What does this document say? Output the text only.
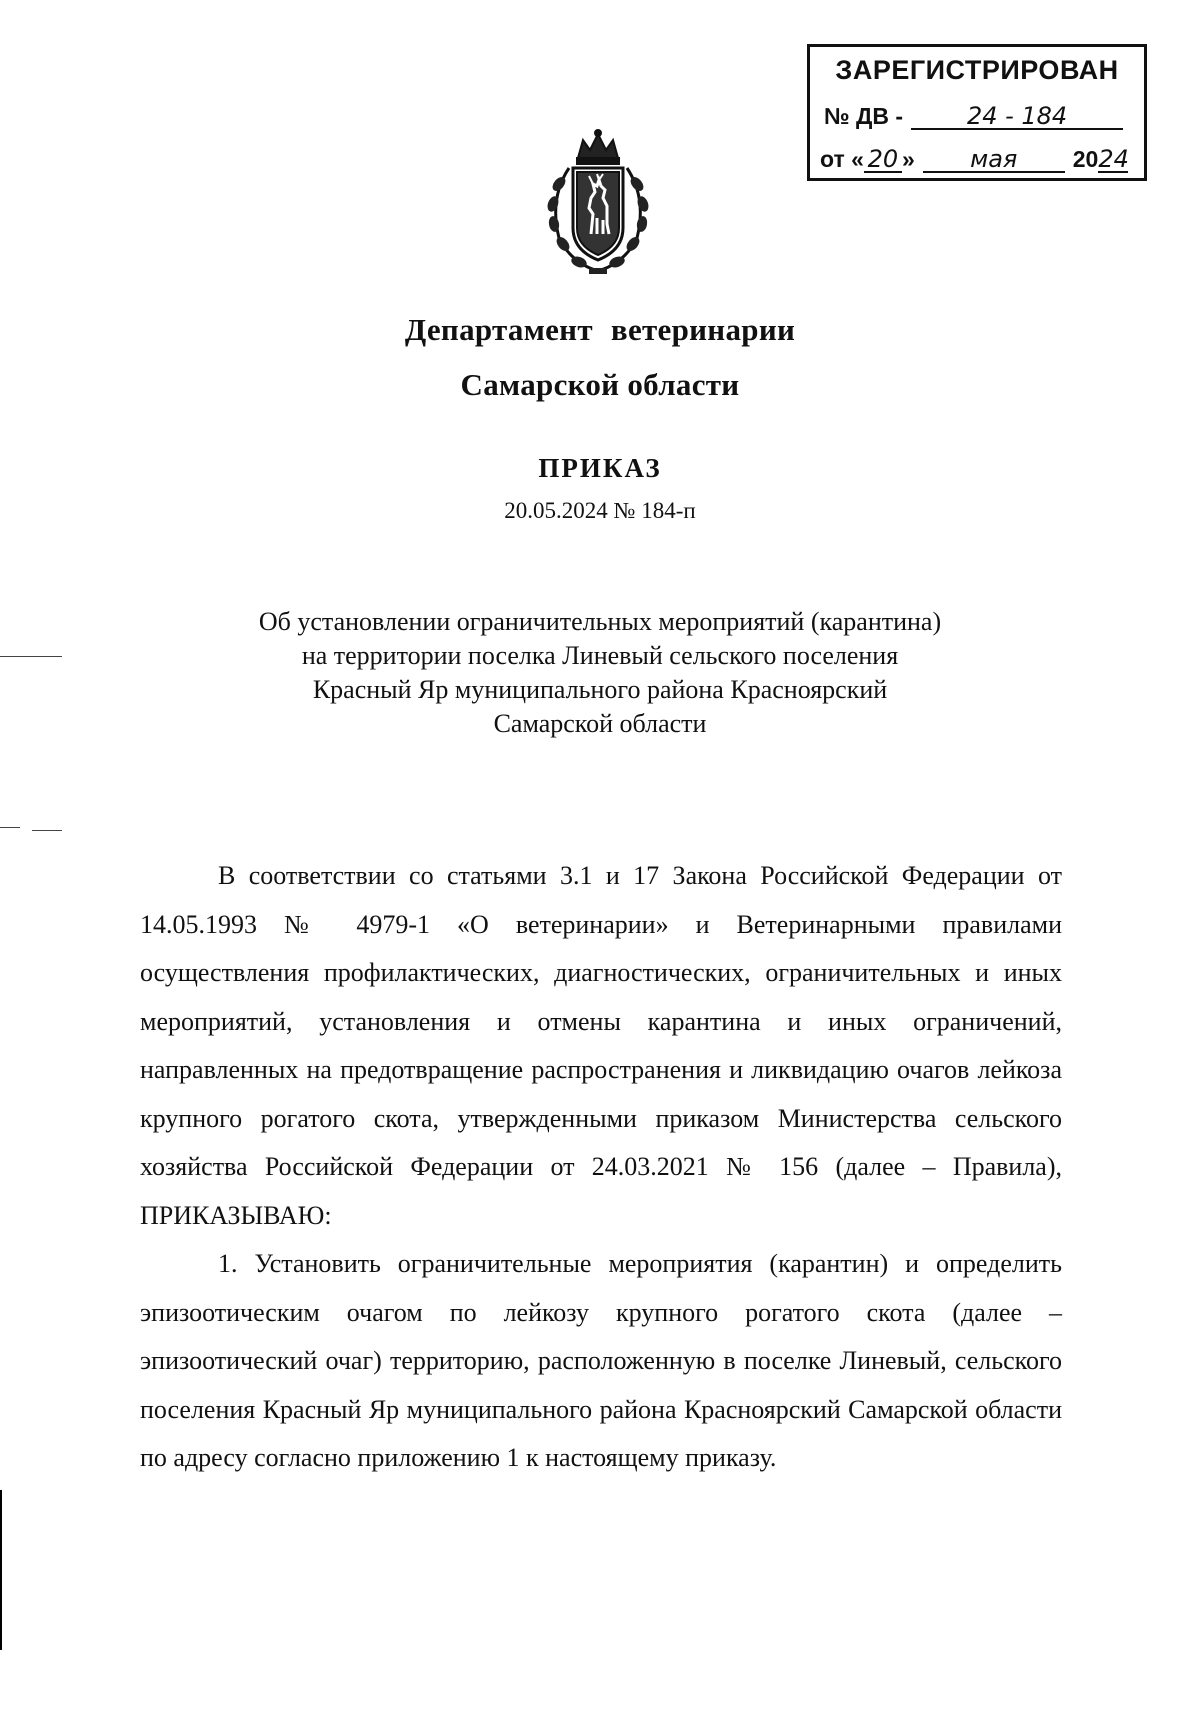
ЗАРЕГИСТРИРОВАН
№ ДВ -	24 - 184
от « 20 » мая 2024
Департамент ветеринарии
Самарской области
ПРИКАЗ
20.05.2024 № 184-п
Об установлении ограничительных мероприятий (карантина)
на территории поселка Линевый сельского поселения
Красный Яр муниципального района Красноярский
Самарской области
В соответствии со статьями 3.1 и 17 Закона Российской Федерации от 14.05.1993 № 4979-1 «О ветеринарии» и Ветеринарными правилами осуществления профилактических, диагностических, ограничительных и иных мероприятий, установления и отмены карантина и иных ограничений, направленных на предотвращение распространения и ликвидацию очагов лейкоза крупного рогатого скота, утвержденными приказом Министерства сельского хозяйства Российской Федерации от 24.03.2021 № 156 (далее – Правила), ПРИКАЗЫВАЮ:
1. Установить ограничительные мероприятия (карантин) и определить эпизоотическим очагом по лейкозу крупного рогатого скота (далее – эпизоотический очаг) территорию, расположенную в поселке Линевый, сельского поселения Красный Яр муниципального района Красноярский Самарской области по адресу согласно приложению 1 к настоящему приказу.
